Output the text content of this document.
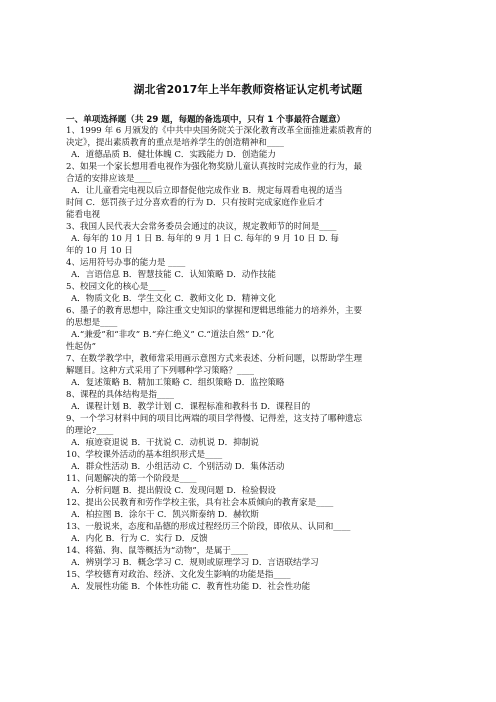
湖北省2017年上半年教师资格证认定机考试题
一、单项选择题（共 29 题，每题的备选项中，只有 1 个事最符合题意）
1、1999 年 6 月颁发的《中共中央国务院关于深化教育改革全面推进素质教育的
决定》，提出素质教育的重点是培养学生的创造精神和____
A．道德品质 B．健壮体魄 C．实践能力 D．创造能力
2、如果一个家长想用看电视作为强化物奖励儿童认真按时完成作业的行为，最
合适的安排应该是____
A．让儿童看完电视以后立即督促他完成作业 B．规定每周看电视的适当
时间 C．惩罚孩子过分喜欢看的行为 D．只有按时完成家庭作业后才
能看电视
3、我国人民代表大会常务委员会通过的决议，规定教师节的时间是____
A. 每年的 10 月 1 日 B. 每年的 9 月 1 日 C. 每年的 9 月 10 日 D. 每
年的 10 月 10 日
4、运用符号办事的能力是 ____
A．言语信息 B．智慧技能 C．认知策略 D．动作技能
5、校园文化的核心是____
A．物质文化 B．学生文化 C．教师文化 D．精神文化
6、墨子的教育思想中，除注重文史知识的掌握和逻辑思维能力的培养外，主要
的思想是____
A.“兼爱”和“非攻” B.“弃仁绝义” C.“道法自然” D.“化
性起伪”
7、在数学教学中，教师常采用画示意图方式来表述、分析问题，以帮助学生理
解题目。这种方式采用了下列哪种学习策略？____
A．复述策略 B．精加工策略 C．组织策略 D．监控策略
8、课程的具体结构是指____
A．课程计划 B．教学计划 C．课程标准和教科书 D．课程目的
9、一个学习材料中间的项目比两端的项目学得慢、记得差，这支持了哪种遗忘
的理论?____
A．痕迹衰退说 B．干扰说 C．动机说 D．抑制说
10、学校课外活动的基本组织形式是____
A．群众性活动 B．小组活动 C．个别活动 D．集体活动
11、问题解决的第一个阶段是____
A．分析问题 B．提出假设 C．发现问题 D．检验假设
12、提出公民教育和劳作学校主张，具有社会本质倾向的教育家是____
A．柏拉图 B．涂尔干 C．凯兴斯泰纳 D．赫钦斯
13、一般说来，态度和品德的形成过程经历三个阶段，即依从、认同和____
A．内化 B．行为 C．实行 D．反馈
14、将猫、狗、鼠等概括为“动物”，是属于____
A．辨别学习 B．概念学习 C．规则或原理学习 D．言语联结学习
15、学校德育对政治、经济、文化发生影响的功能是指____
A．发展性功能 B．个体性功能 C．教育性功能 D．社会性功能
